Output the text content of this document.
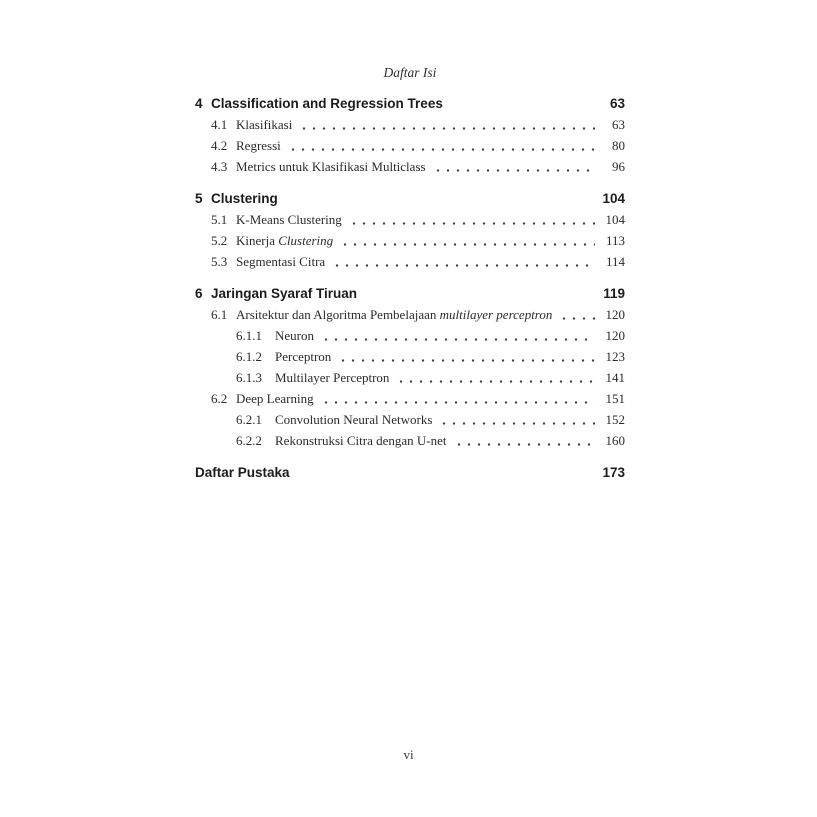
Daftar Isi
4 Classification and Regression Trees	63
4.1 Klasifikasi	63
4.2 Regressi	80
4.3 Metrics untuk Klasifikasi Multiclass	96
5 Clustering	104
5.1 K-Means Clustering	104
5.2 Kinerja Clustering	113
5.3 Segmentasi Citra	114
6 Jaringan Syaraf Tiruan	119
6.1 Arsitektur dan Algoritma Pembelajaan multilayer perceptron	120
6.1.1	Neuron	120
6.1.2	Perceptron	123
6.1.3	Multilayer Perceptron	141
6.2 Deep Learning	151
6.2.1	Convolution Neural Networks	152
6.2.2	Rekonstruksi Citra dengan U-net	160
Daftar Pustaka	173
vi
